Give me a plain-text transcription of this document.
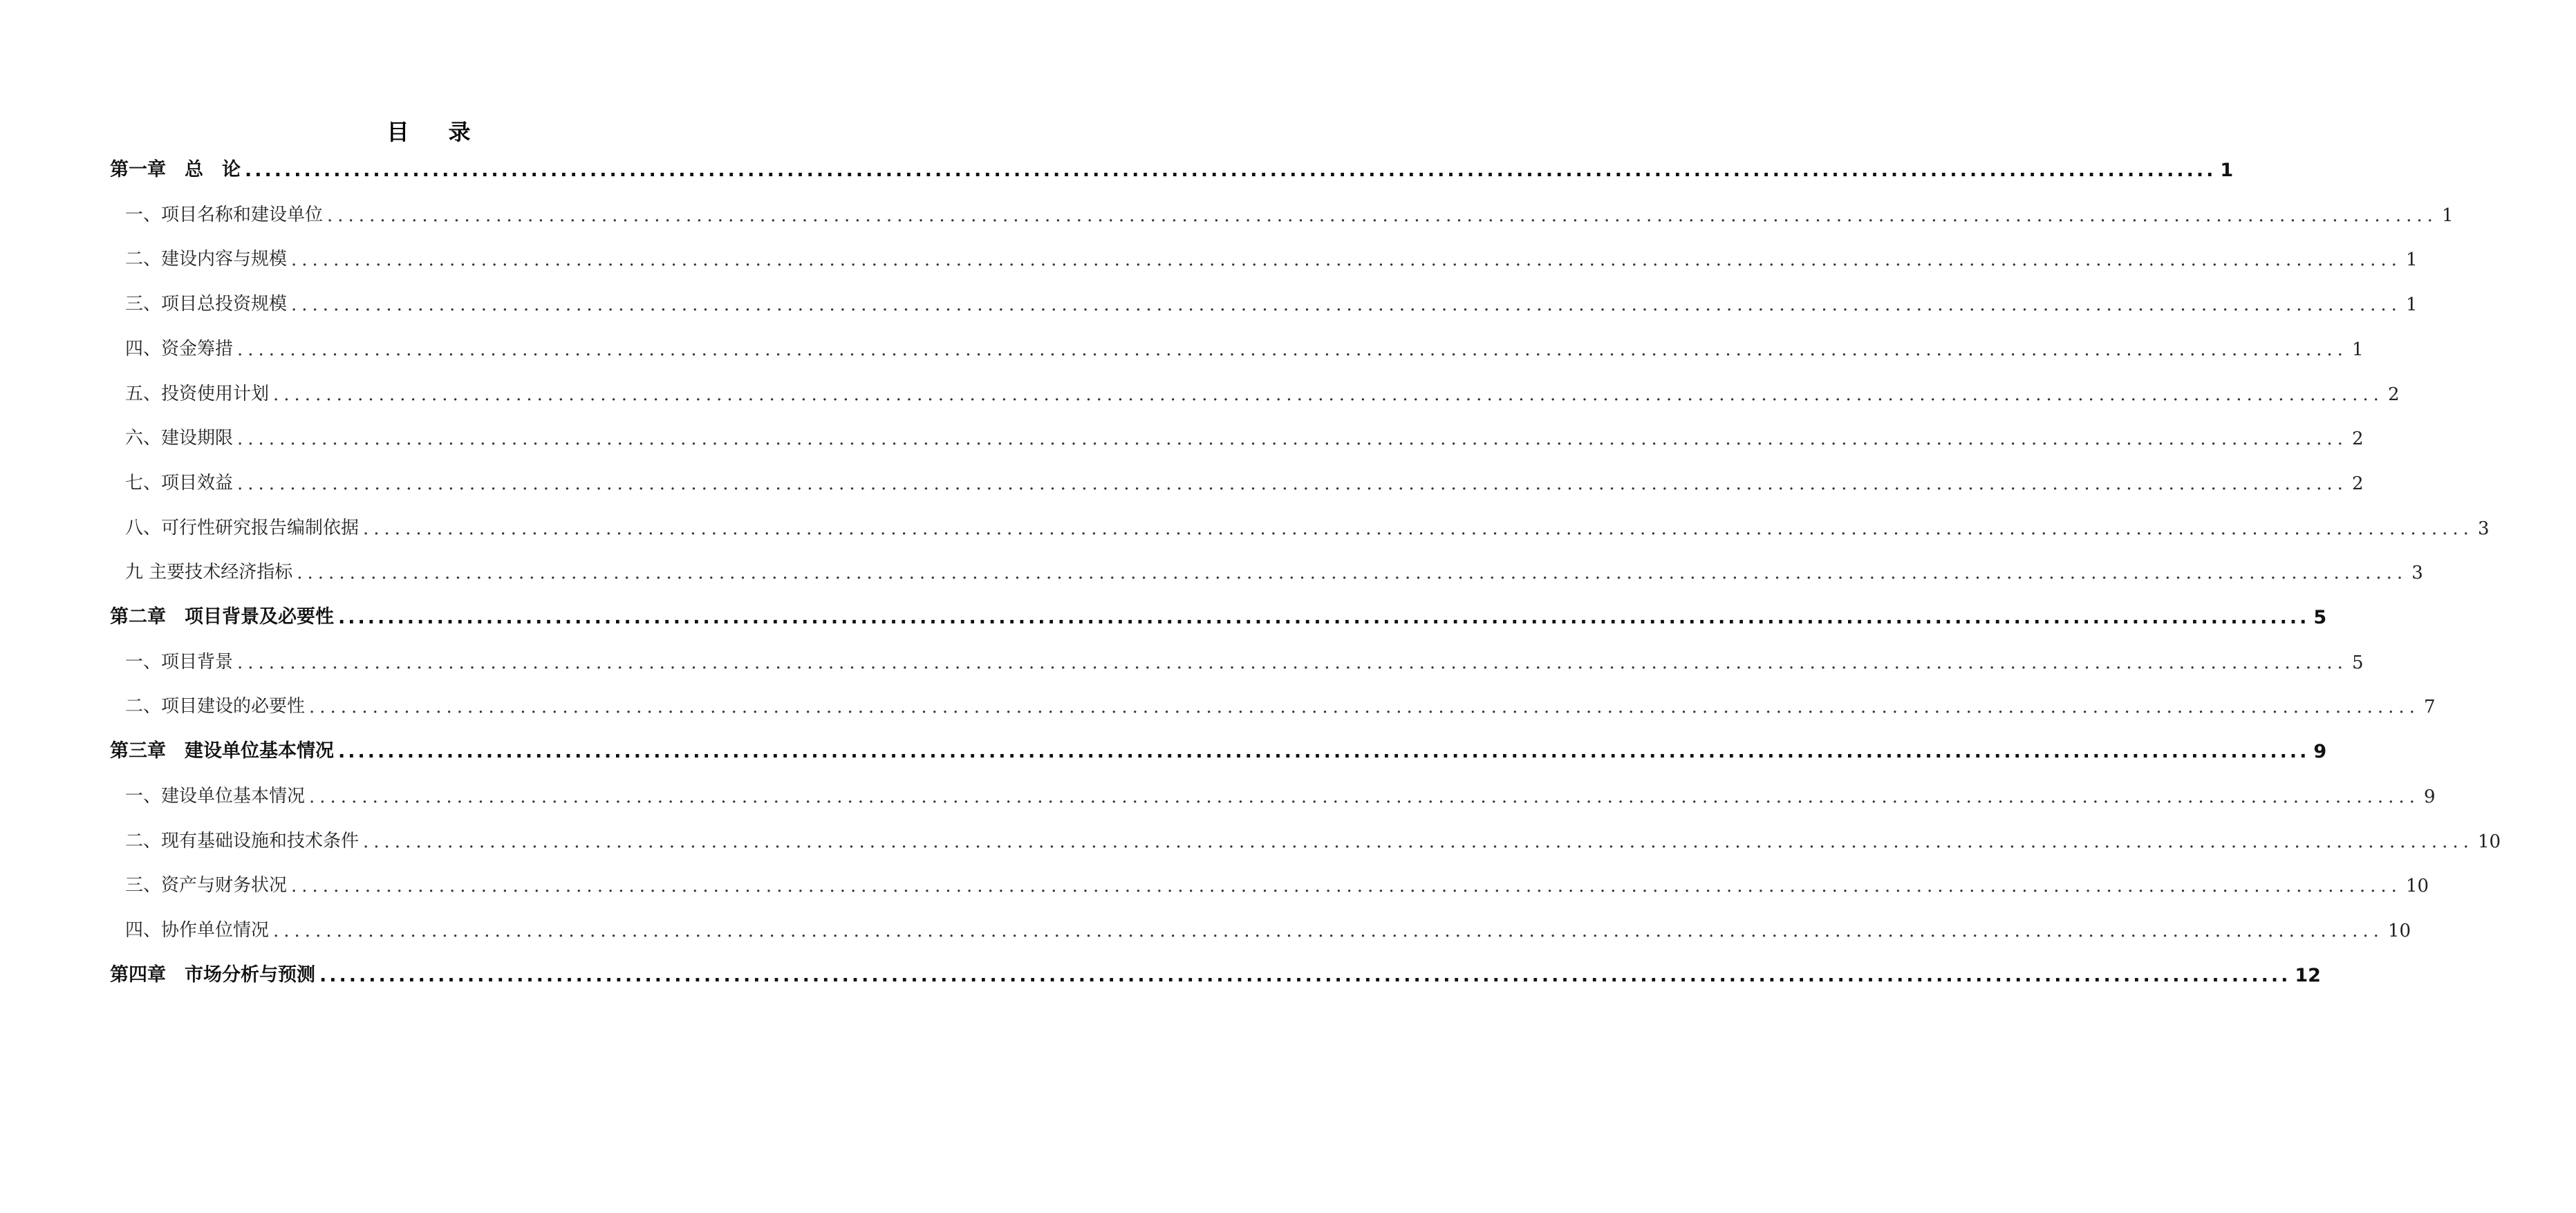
目 录
第一章　总　论 ........................................................................................................................................................................................................ 1
一、项目名称和建设单位 ........................................................................................................................................................................................................ 1
二、建设内容与规模 ........................................................................................................................................................................................................ 1
三、项目总投资规模 ........................................................................................................................................................................................................ 1
四、资金筹措 ........................................................................................................................................................................................................ 1
五、投资使用计划 ........................................................................................................................................................................................................ 2
六、建设期限 ........................................................................................................................................................................................................ 2
七、项目效益 ........................................................................................................................................................................................................ 2
八、可行性研究报告编制依据 ........................................................................................................................................................................................................ 3
九 主要技术经济指标 ........................................................................................................................................................................................................ 3
第二章　项目背景及必要性 ........................................................................................................................................................................................................ 5
一、项目背景 ........................................................................................................................................................................................................ 5
二、项目建设的必要性 ........................................................................................................................................................................................................ 7
第三章　建设单位基本情况 ........................................................................................................................................................................................................ 9
一、建设单位基本情况 ........................................................................................................................................................................................................ 9
二、现有基础设施和技术条件 ........................................................................................................................................................................................................ 10
三、资产与财务状况 ........................................................................................................................................................................................................ 10
四、协作单位情况 ........................................................................................................................................................................................................ 10
第四章　市场分析与预测 ........................................................................................................................................................................................................ 12
